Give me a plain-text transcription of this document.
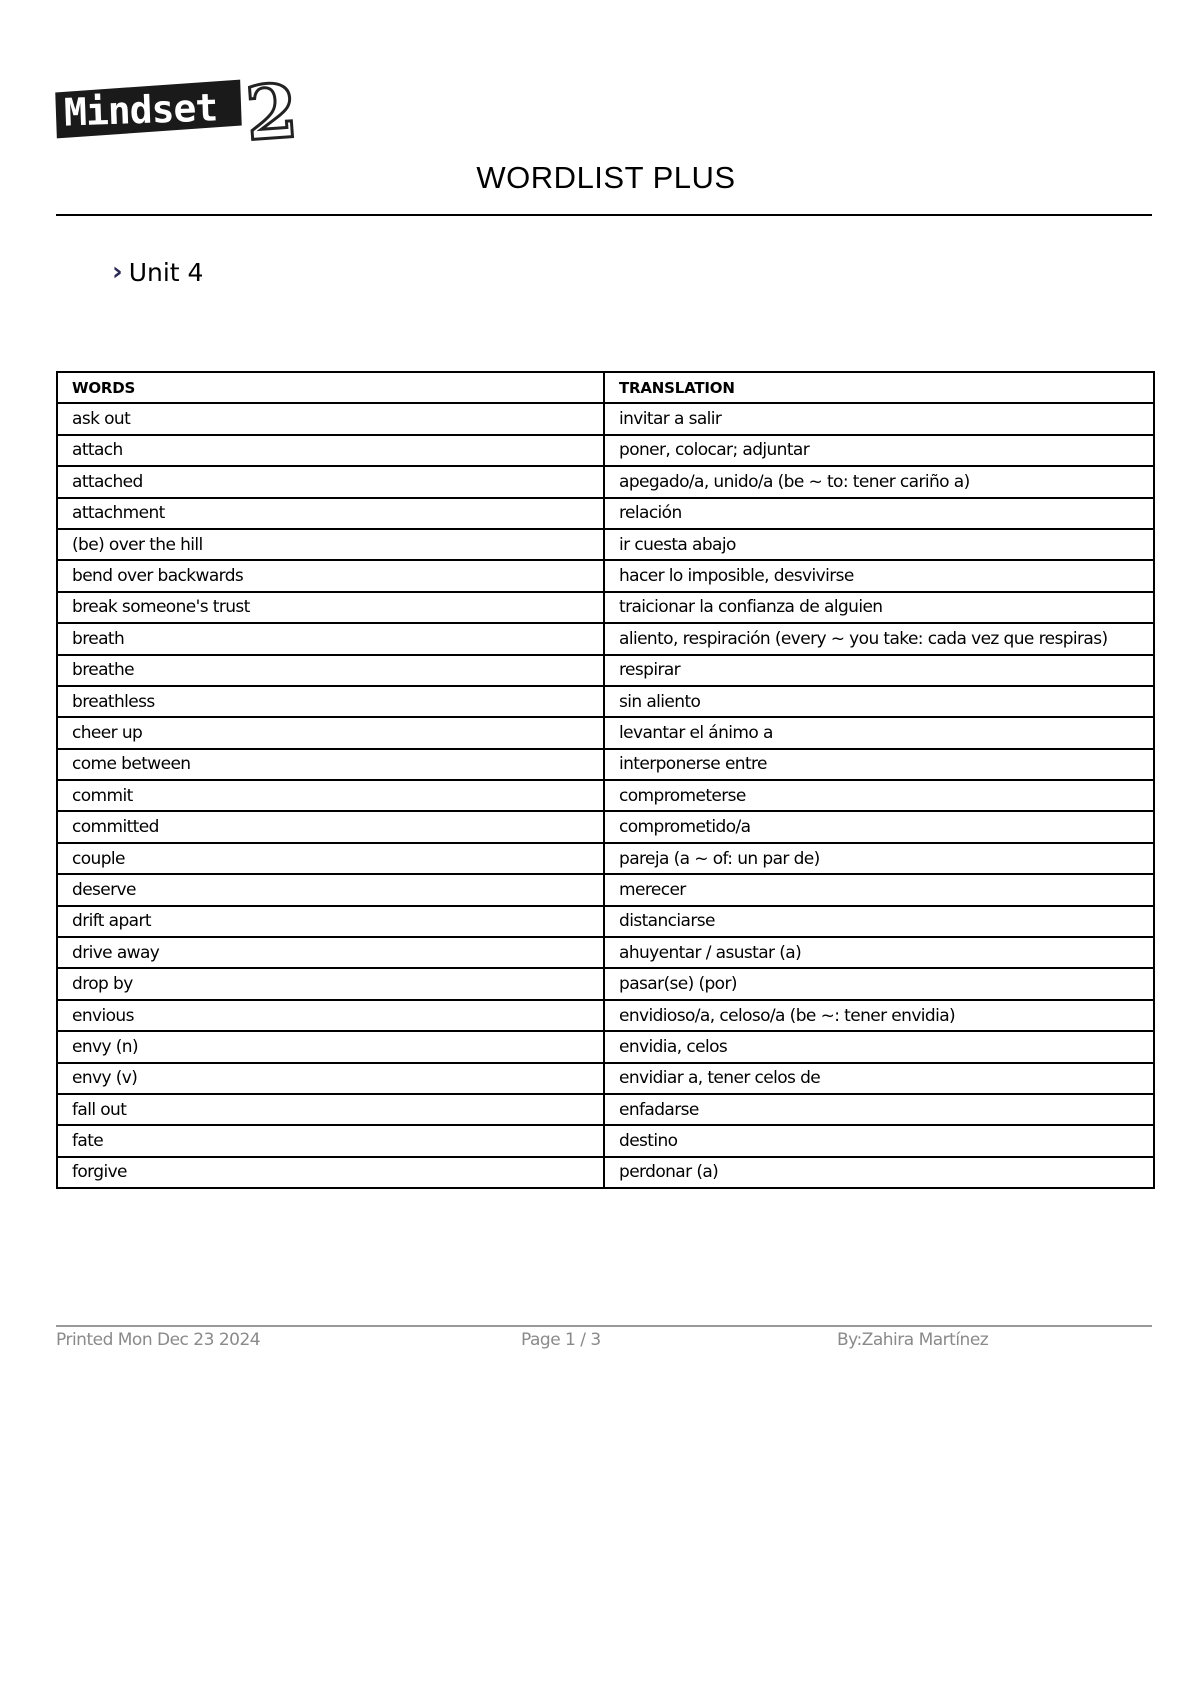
Mindset 2
WORDLIST PLUS
› Unit 4
WORDS	TRANSLATION
ask out	invitar a salir
attach	poner, colocar; adjuntar
attached	apegado/a, unido/a (be ~ to: tener cariño a)
attachment	relación
(be) over the hill	ir cuesta abajo
bend over backwards	hacer lo imposible, desvivirse
break someone's trust	traicionar la confianza de alguien
breath	aliento, respiración (every ~ you take: cada vez que respiras)
breathe	respirar
breathless	sin aliento
cheer up	levantar el ánimo a
come between	interponerse entre
commit	comprometerse
committed	comprometido/a
couple	pareja (a ~ of: un par de)
deserve	merecer
drift apart	distanciarse
drive away	ahuyentar / asustar (a)
drop by	pasar(se) (por)
envious	envidioso/a, celoso/a (be ~: tener envidia)
envy (n)	envidia, celos
envy (v)	envidiar a, tener celos de
fall out	enfadarse
fate	destino
forgive	perdonar (a)
Printed Mon Dec 23 2024	Page 1 / 3	By:Zahira Martínez
